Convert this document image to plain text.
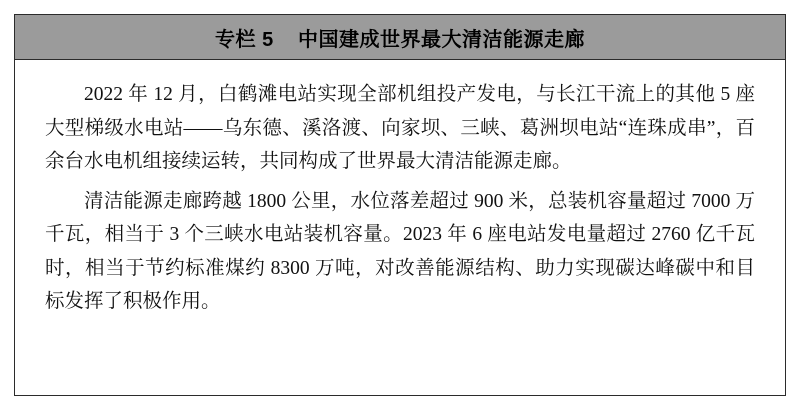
专栏 5    中国建成世界最大清洁能源走廊

2022 年 12 月，白鹤滩电站实现全部机组投产发电，与长江干流上的其他 5 座大型梯级水电站——乌东德、溪洛渡、向家坝、三峡、葛洲坝电站“连珠成串”，百余台水电机组接续运转，共同构成了世界最大清洁能源走廊。

清洁能源走廊跨越 1800 公里，水位落差超过 900 米，总装机容量超过 7000 万千瓦，相当于 3 个三峡水电站装机容量。2023 年 6 座电站发电量超过 2760 亿千瓦时，相当于节约标准煤约 8300 万吨，对改善能源结构、助力实现碳达峰碳中和目标发挥了积极作用。
